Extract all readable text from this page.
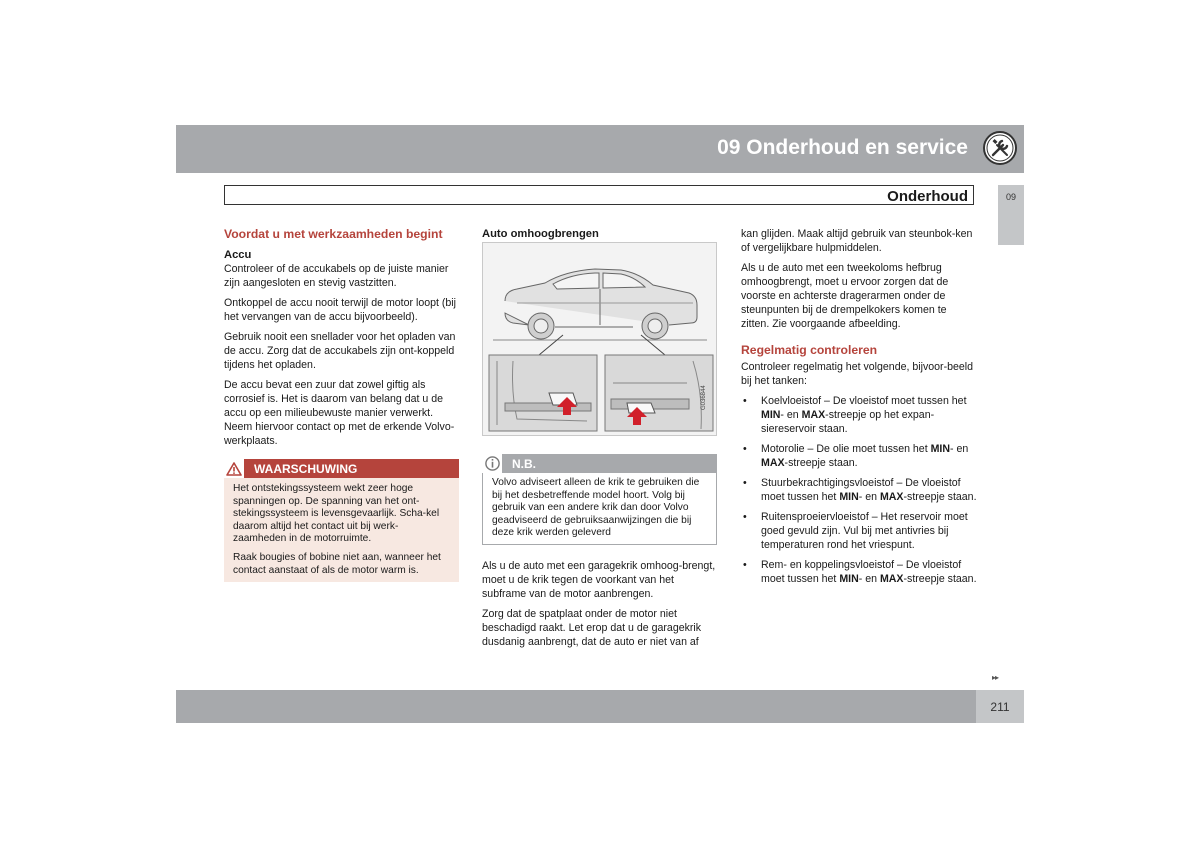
09 Onderhoud en service
Onderhoud	09
Voordat u met werkzaamheden begint
Accu

Controleer of de accukabels op de juiste manier zijn aangesloten en stevig vastzitten.

Ontkoppel de accu nooit terwijl de motor loopt (bij het vervangen van de accu bijvoorbeeld).

Gebruik nooit een snellader voor het opladen van de accu. Zorg dat de accukabels zijn ont-koppeld tijdens het opladen.

De accu bevat een zuur dat zowel giftig als corrosief is. Het is daarom van belang dat u de accu op een milieubewuste manier verwerkt. Neem hiervoor contact op met de erkende Volvo-werkplaats.

WAARSCHUWING

Het ontstekingssysteem wekt zeer hoge spanningen op. De spanning van het ont-stekingssysteem is levensgevaarlijk. Scha-kel daarom altijd het contact uit bij werk-zaamheden in de motorruimte.

Raak bougies of bobine niet aan, wanneer het contact aanstaat of als de motor warm is.

Auto omhoogbrengen
G036844
N.B.
Volvo adviseert alleen de krik te gebruiken die bij het desbetreffende model hoort. Volg bij gebruik van een andere krik dan door Volvo geadviseerd de gebruiksaanwijzingen die bij deze krik werden geleverd

Als u de auto met een garagekrik omhoog-brengt, moet u de krik tegen de voorkant van het subframe van de motor aanbrengen.

Zorg dat de spatplaat onder de motor niet beschadigd raakt. Let erop dat u de garagekrik dusdanig aanbrengt, dat de auto er niet van af

kan glijden. Maak altijd gebruik van steunbok-ken of vergelijkbare hulpmiddelen.

Als u de auto met een tweekoloms hefbrug omhoogbrengt, moet u ervoor zorgen dat de voorste en achterste dragerarmen onder de steunpunten bij de drempelkokers komen te zitten. Zie voorgaande afbeelding.

Regelmatig controleren

Controleer regelmatig het volgende, bijvoor-beeld bij het tanken:

• Koelvloeistof – De vloeistof moet tussen het MIN- en MAX-streepje op het expan-siereservoir staan.
• Motorolie – De olie moet tussen het MIN- en MAX-streepje staan.
• Stuurbekrachtigingsvloeistof – De vloeistof moet tussen het MIN- en MAX-streepje staan.
• Ruitensproeiervloeistof – Het reservoir moet goed gevuld zijn. Vul bij met antivries bij temperaturen rond het vriespunt.
• Rem- en koppelingsvloeistof – De vloeistof moet tussen het MIN- en MAX-streepje staan.
▸▸
211
